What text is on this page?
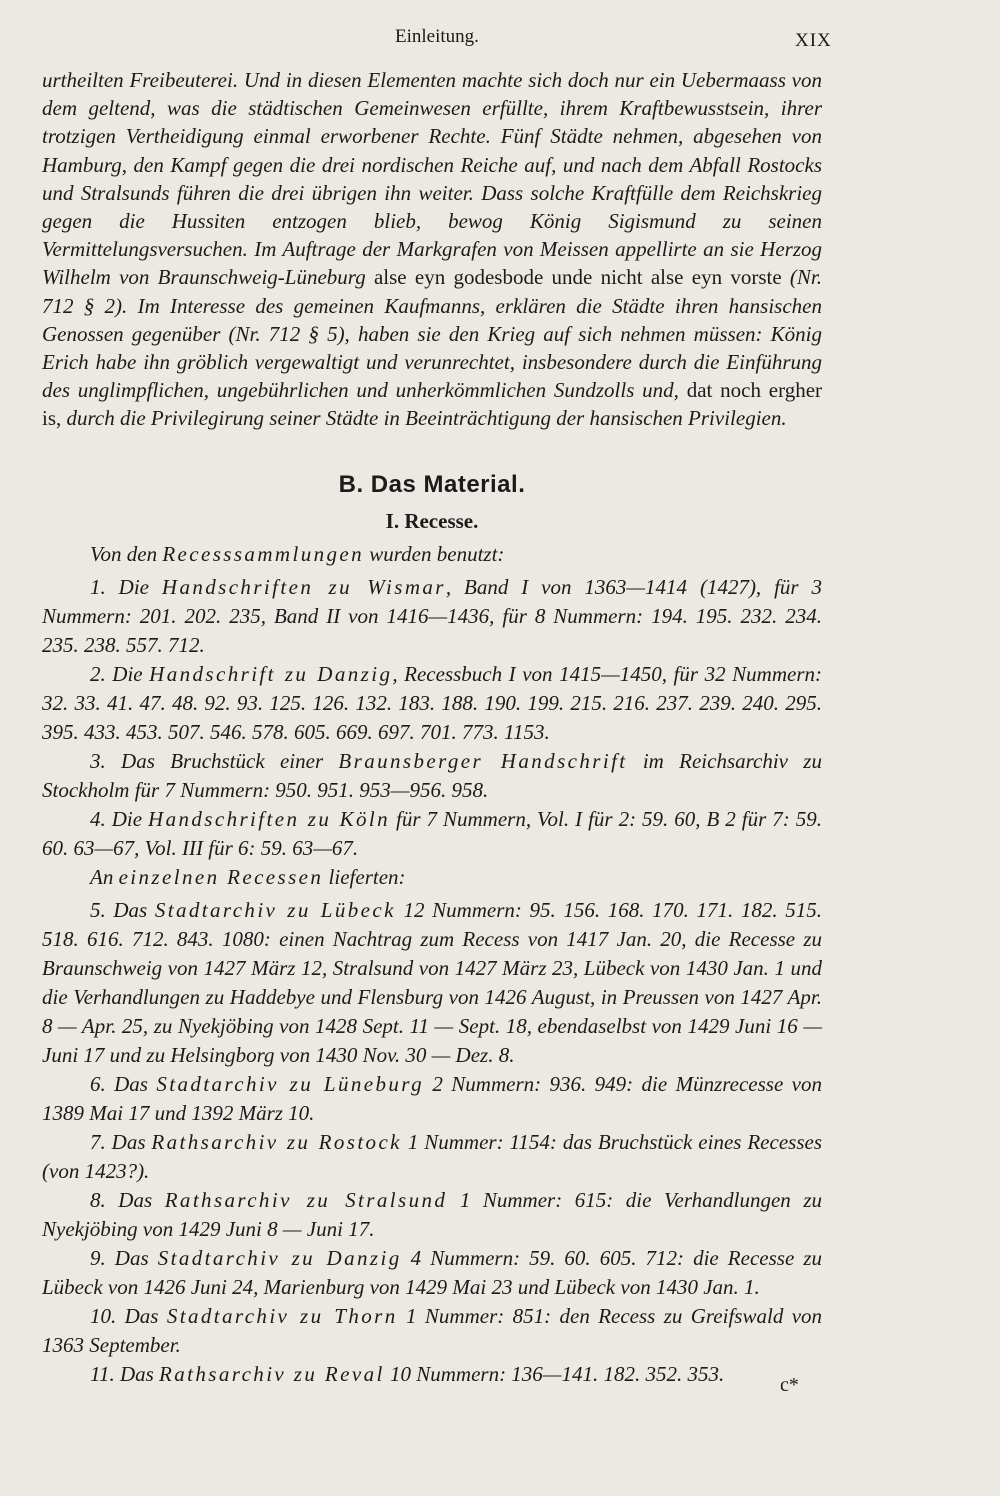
Einleitung.	XIX

urtheilten Freibeuterei. Und in diesen Elementen machte sich doch nur ein Uebermaass von dem geltend, was die städtischen Gemeinwesen erfüllte, ihrem Kraftbewusstsein, ihrer trotzigen Vertheidigung einmal erworbener Rechte. Fünf Städte nehmen, abgesehen von Hamburg, den Kampf gegen die drei nordischen Reiche auf, und nach dem Abfall Rostocks und Stralsunds führen die drei übrigen ihn weiter. Dass solche Kraftfülle dem Reichskrieg gegen die Hussiten entzogen blieb, bewog König Sigismund zu seinen Vermittelungsversuchen. Im Auftrage der Markgrafen von Meissen appellirte an sie Herzog Wilhelm von Braunschweig-Lüneburg alse eyn godesbode unde nicht alse eyn vorste (Nr. 712 § 2). Im Interesse des gemeinen Kaufmanns, erklären die Städte ihren hansischen Genossen gegenüber (Nr. 712 § 5), haben sie den Krieg auf sich nehmen müssen: König Erich habe ihn gröblich vergewaltigt und verunrechtet, insbesondere durch die Einführung des unglimpflichen, ungebührlichen und unherkömmlichen Sundzolls und, dat noch ergher is, durch die Privilegirung seiner Städte in Beeinträchtigung der hansischen Privilegien.

B. Das Material.
I. Recesse.

Von den Recesssammlungen wurden benutzt:

1. Die Handschriften zu Wismar, Band I von 1363—1414 (1427), für 3 Nummern: 201. 202. 235, Band II von 1416—1436, für 8 Nummern: 194. 195. 232. 234. 235. 238. 557. 712.

2. Die Handschrift zu Danzig, Recessbuch I von 1415—1450, für 32 Nummern: 32. 33. 41. 47. 48. 92. 93. 125. 126. 132. 183. 188. 190. 199. 215. 216. 237. 239. 240. 295. 395. 433. 453. 507. 546. 578. 605. 669. 697. 701. 773. 1153.

3. Das Bruchstück einer Braunsberger Handschrift im Reichsarchiv zu Stockholm für 7 Nummern: 950. 951. 953—956. 958.

4. Die Handschriften zu Köln für 7 Nummern, Vol. I für 2: 59. 60, B 2 für 7: 59. 60. 63—67, Vol. III für 6: 59. 63—67.

An einzelnen Recessen lieferten:

5. Das Stadtarchiv zu Lübeck 12 Nummern: 95. 156. 168. 170. 171. 182. 515. 518. 616. 712. 843. 1080: einen Nachtrag zum Recess von 1417 Jan. 20, die Recesse zu Braunschweig von 1427 März 12, Stralsund von 1427 März 23, Lübeck von 1430 Jan. 1 und die Verhandlungen zu Haddebye und Flensburg von 1426 August, in Preussen von 1427 Apr. 8 — Apr. 25, zu Nyekjöbing von 1428 Sept. 11 — Sept. 18, ebendaselbst von 1429 Juni 16 — Juni 17 und zu Helsingborg von 1430 Nov. 30 — Dez. 8.

6. Das Stadtarchiv zu Lüneburg 2 Nummern: 936. 949: die Münzrecesse von 1389 Mai 17 und 1392 März 10.

7. Das Rathsarchiv zu Rostock 1 Nummer: 1154: das Bruchstück eines Recesses (von 1423?).

8. Das Rathsarchiv zu Stralsund 1 Nummer: 615: die Verhandlungen zu Nyekjöbing von 1429 Juni 8 — Juni 17.

9. Das Stadtarchiv zu Danzig 4 Nummern: 59. 60. 605. 712: die Recesse zu Lübeck von 1426 Juni 24, Marienburg von 1429 Mai 23 und Lübeck von 1430 Jan. 1.

10. Das Stadtarchiv zu Thorn 1 Nummer: 851: den Recess zu Greifswald von 1363 September.

11. Das Rathsarchiv zu Reval 10 Nummern: 136—141. 182. 352. 353.	c*
